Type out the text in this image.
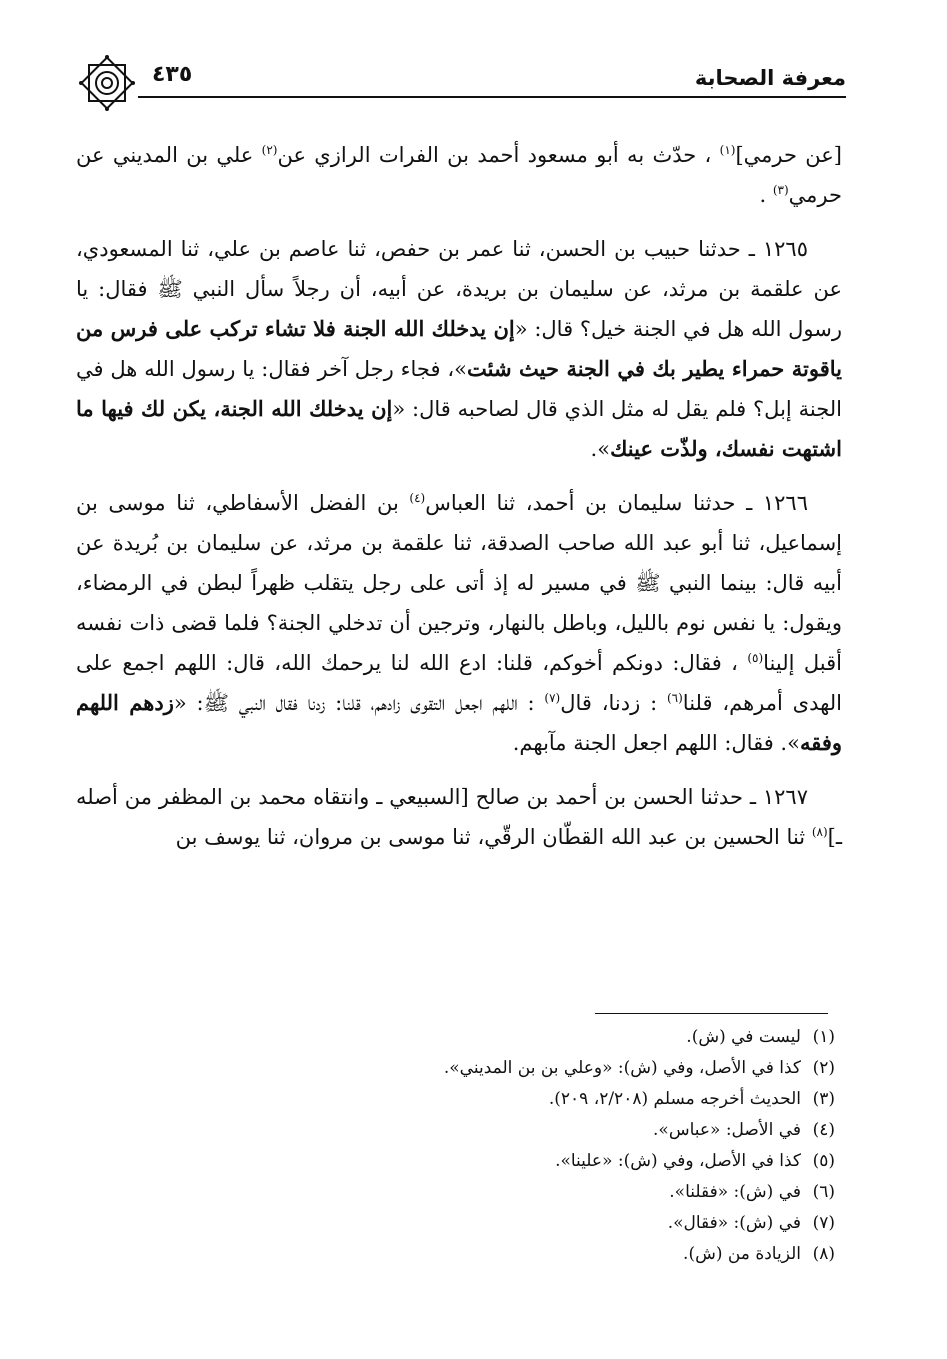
٤٣٥	معرفة الصحابة

[عن حرمي]$^{(١)}$ ، حدّث به أبو مسعود أحمد بن الفرات الرازي عن$^{(٢)}$ علي بن المديني عن حرمي$^{(٣)}$ .

١٢٦٥ ـ حدثنا حبيب بن الحسن، ثنا عمر بن حفص، ثنا عاصم بن علي، ثنا المسعودي، عن علقمة بن مرثد، عن سليمان بن بريدة، عن أبيه، أن رجلاً سأل النبي ﷺ فقال: يا رسول الله هل في الجنة خيل؟ قال: «إن يدخلك الله الجنة فلا تشاء تركب على فرس من ياقوتة حمراء يطير بك في الجنة حيث شئت»، فجاء رجل آخر فقال: يا رسول الله هل في الجنة إبل؟ فلم يقل له مثل الذي قال لصاحبه قال: «إن يدخلك الله الجنة، يكن لك فيها ما اشتهت نفسك، ولذّت عينك».

١٢٦٦ ـ حدثنا سليمان بن أحمد، ثنا العباس$^{(٤)}$ بن الفضل الأسفاطي، ثنا موسى بن إسماعيل، ثنا أبو عبد الله صاحب الصدقة، ثنا علقمة بن مرثد، عن سليمان بن بُريدة عن أبيه قال: بينما النبي ﷺ في مسير له إذ أتى على رجل يتقلب ظهراً لبطن في الرمضاء، ويقول: يا نفس نوم بالليل، وباطل بالنهار، وترجين أن تدخلي الجنة؟ فلما قضى ذات نفسه أقبل إلينا$^{(٥)}$ ، فقال: دونكم أخوكم، قلنا: ادع الله لنا يرحمك الله، قال: اللهم اجمع على الهدى أمرهم، قلنا$^{(٦)}$ : زدنا، قال$^{(٧)}$ : اللهم اجعل التقوى زادهم، قلنا: زدنا فقال النبي ﷺ: «زدهم اللهم وفقه». فقال: اللهم اجعل الجنة مآبهم.

١٢٦٧ ـ حدثنا الحسن بن أحمد بن صالح [السبيعي ـ وانتقاه محمد بن المظفر من أصله ـ]$^{(٨)}$ ثنا الحسين بن عبد الله القطّان الرقّي، ثنا موسى بن مروان، ثنا يوسف بن

(١)ليست في (ش).
(٢)كذا في الأصل، وفي (ش): «وعلي بن بن المديني».
(٣)الحديث أخرجه مسلم (٢/٢٠٨، ٢٠٩).
(٤)في الأصل: «عباس».
(٥)كذا في الأصل، وفي (ش): «علينا».
(٦)في (ش): «فقلنا».
(٧)في (ش): «فقال».
(٨)الزيادة من (ش).
